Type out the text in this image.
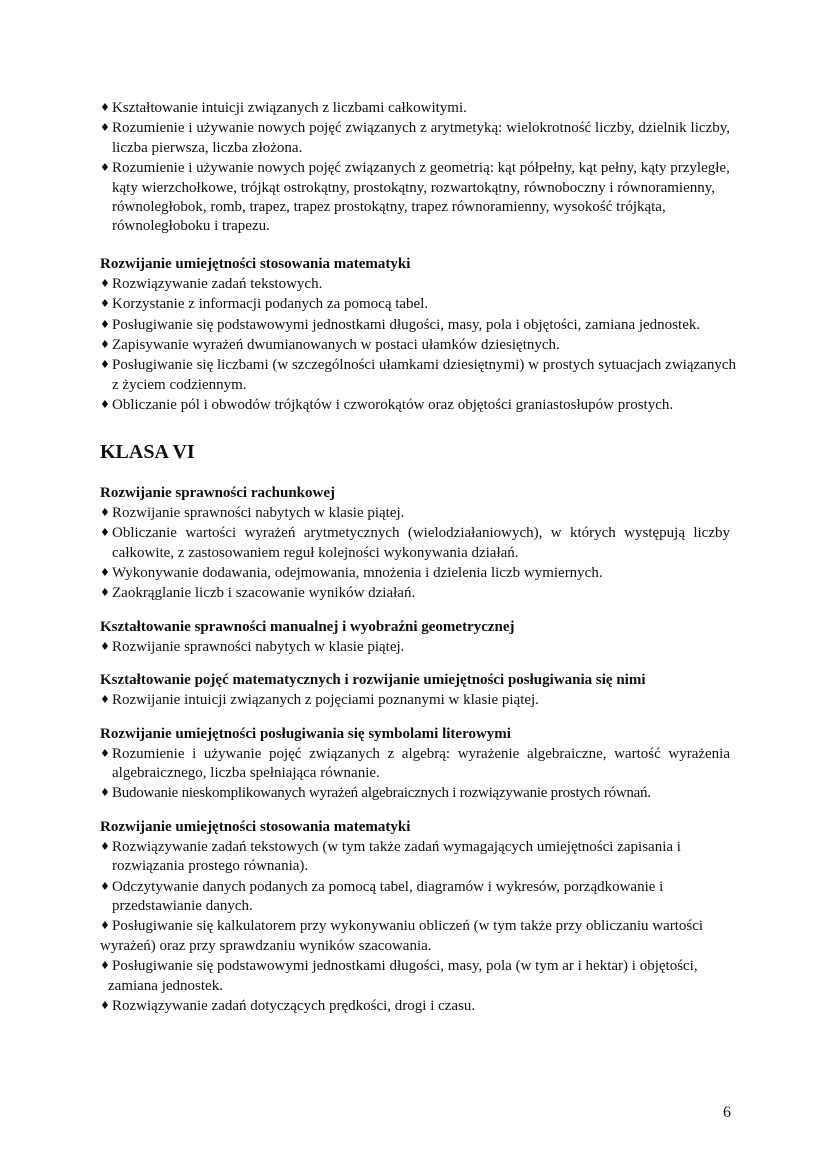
♦ Kształtowanie intuicji związanych z liczbami całkowitymi.
♦ Rozumienie i używanie nowych pojęć związanych z arytmetyką: wielokrotność liczby, dzielnik liczby, liczba pierwsza, liczba złożona.
♦ Rozumienie i używanie nowych pojęć związanych z geometrią: kąt półpełny, kąt pełny, kąty przyległe, kąty wierzchołkowe, trójkąt ostrokątny, prostokątny, rozwartokątny, równoboczny i równoramienny, równoległobok, romb, trapez, trapez prostokątny, trapez równoramienny, wysokość trójkąta, równoległoboku i trapezu.
Rozwijanie umiejętności stosowania matematyki
♦ Rozwiązywanie zadań tekstowych.
♦ Korzystanie z informacji podanych za pomocą tabel.
♦ Posługiwanie się podstawowymi jednostkami długości, masy, pola i objętości, zamiana jednostek.
♦ Zapisywanie wyrażeń dwumianowanych w postaci ułamków dziesiętnych.
♦ Posługiwanie się liczbami (w szczególności ułamkami dziesiętnymi) w prostych sytuacjach związanych z życiem codziennym.
♦ Obliczanie pól i obwodów trójkątów i czworokątów oraz objętości graniastosłupów prostych.
KLASA VI
Rozwijanie sprawności rachunkowej
♦ Rozwijanie sprawności nabytych w klasie piątej.
♦ Obliczanie wartości wyrażeń arytmetycznych (wielodziałaniowych), w których występują liczby całkowite, z zastosowaniem reguł kolejności wykonywania działań.
♦ Wykonywanie dodawania, odejmowania, mnożenia i dzielenia liczb wymiernych.
♦ Zaokrąglanie liczb i szacowanie wyników działań.
Kształtowanie sprawności manualnej i wyobraźni geometrycznej
♦ Rozwijanie sprawności nabytych w klasie piątej.
Kształtowanie pojęć matematycznych i rozwijanie umiejętności posługiwania się nimi
♦ Rozwijanie intuicji związanych z pojęciami poznanymi w klasie piątej.
Rozwijanie umiejętności posługiwania się symbolami literowymi
♦ Rozumienie i używanie pojęć związanych z algebrą: wyrażenie algebraiczne, wartość wyrażenia algebraicznego, liczba spełniająca równanie.
♦ Budowanie nieskomplikowanych wyrażeń algebraicznych i rozwiązywanie prostych równań.
Rozwijanie umiejętności stosowania matematyki
♦ Rozwiązywanie zadań tekstowych (w tym także zadań wymagających umiejętności zapisania i rozwiązania prostego równania).
♦ Odczytywanie danych podanych za pomocą tabel, diagramów i wykresów, porządkowanie i przedstawianie danych.
♦ Posługiwanie się kalkulatorem przy wykonywaniu obliczeń (w tym także przy obliczaniu wartości wyrażeń) oraz przy sprawdzaniu wyników szacowania.
♦ Posługiwanie się podstawowymi jednostkami długości, masy, pola (w tym ar i hektar) i objętości, zamiana jednostek.
♦ Rozwiązywanie zadań dotyczących prędkości, drogi i czasu.
6
